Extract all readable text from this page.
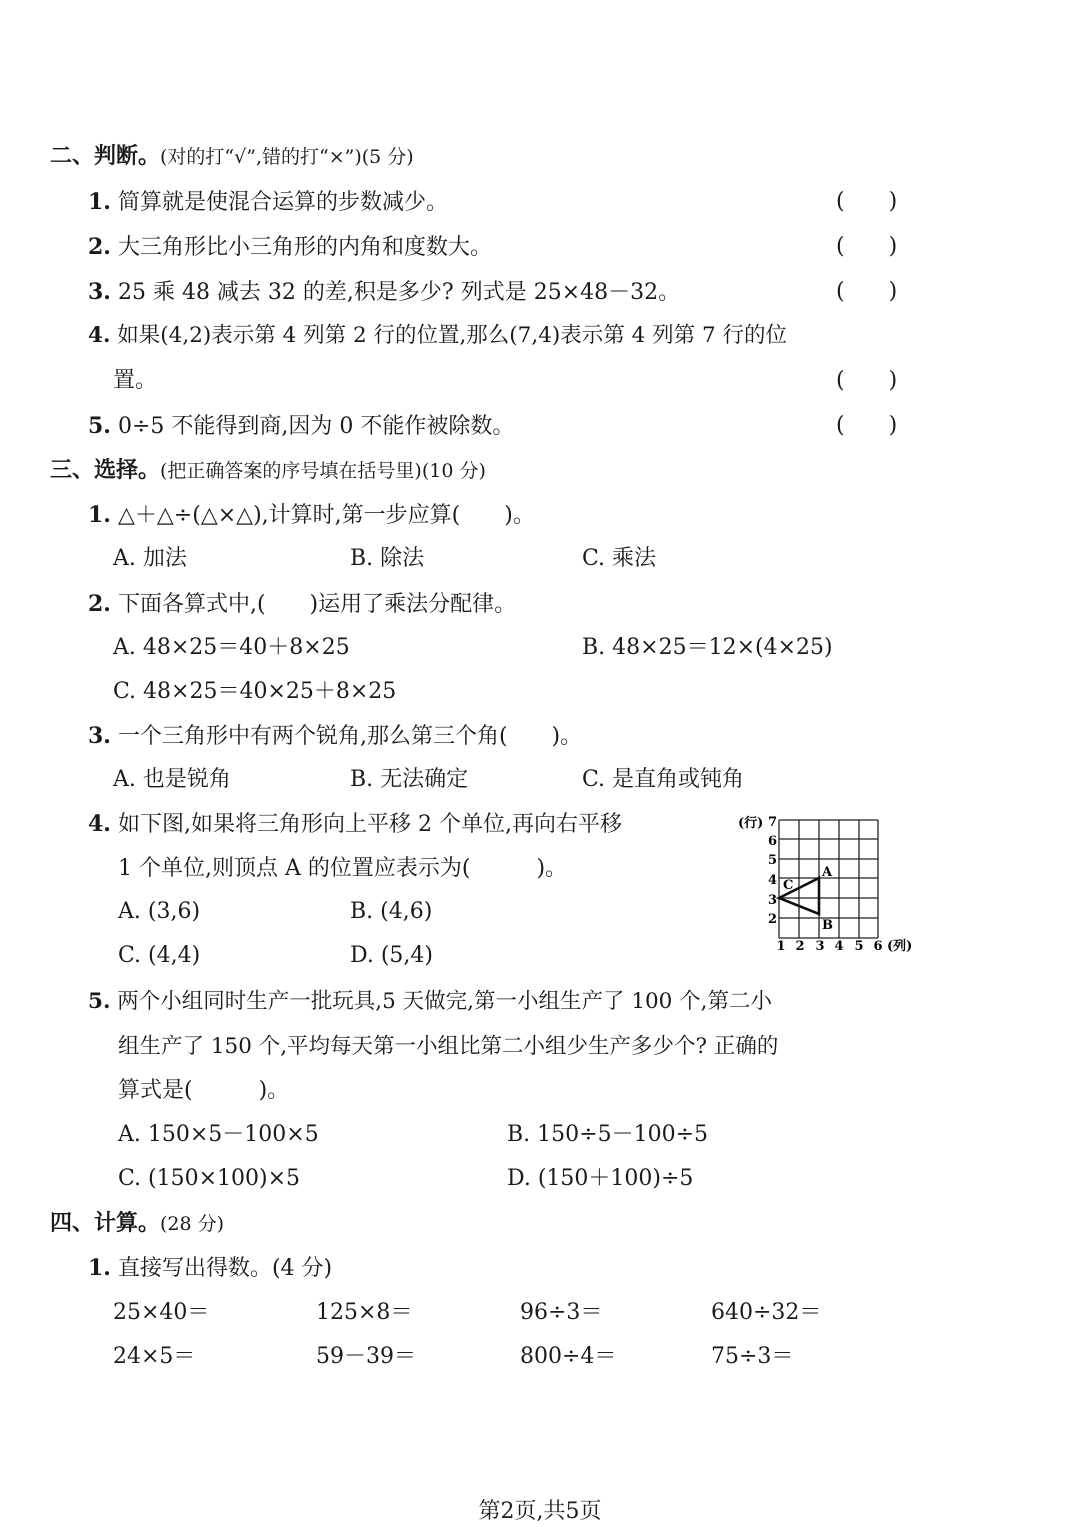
二、判断。(对的打“√”,错的打“×”)(5 分)
1. 简算就是使混合运算的步数减少。	(　　)
2. 大三角形比小三角形的内角和度数大。	(　　)
3. 25 乘 48 减去 32 的差,积是多少? 列式是 25×48－32。	(　　)
4. 如果(4,2)表示第 4 列第 2 行的位置,那么(7,4)表示第 4 列第 7 行的位
置。	(　　)
5. 0÷5 不能得到商,因为 0 不能作被除数。	(　　)
三、选择。(把正确答案的序号填在括号里)(10 分)
1. △＋△÷(△×△),计算时,第一步应算(　　)。
A. 加法	B. 除法	C. 乘法
2. 下面各算式中,(　　)运用了乘法分配律。
A. 48×25＝40＋8×25	B. 48×25＝12×(4×25)
C. 48×25＝40×25＋8×25
3. 一个三角形中有两个锐角,那么第三个角(　　)。
A. 也是锐角	B. 无法确定	C. 是直角或钝角
4. 如下图,如果将三角形向上平移 2 个单位,再向右平移
1 个单位,则顶点 A 的位置应表示为(　　　)。
A. (3,6)	B. (4,6)
C. (4,4)	D. (5,4)
(行) 7
6
5
4
3
2
1 2 3 4 5 6 (列)
A
B
C
5. 两个小组同时生产一批玩具,5 天做完,第一小组生产了 100 个,第二小
组生产了 150 个,平均每天第一小组比第二小组少生产多少个? 正确的
算式是(　　　)。
A. 150×5－100×5	B. 150÷5－100÷5
C. (150×100)×5	D. (150＋100)÷5
四、计算。(28 分)
1. 直接写出得数。(4 分)
25×40＝	125×8＝	96÷3＝	640÷32＝
24×5＝	59－39＝	800÷4＝	75÷3＝
第2页,共5页
